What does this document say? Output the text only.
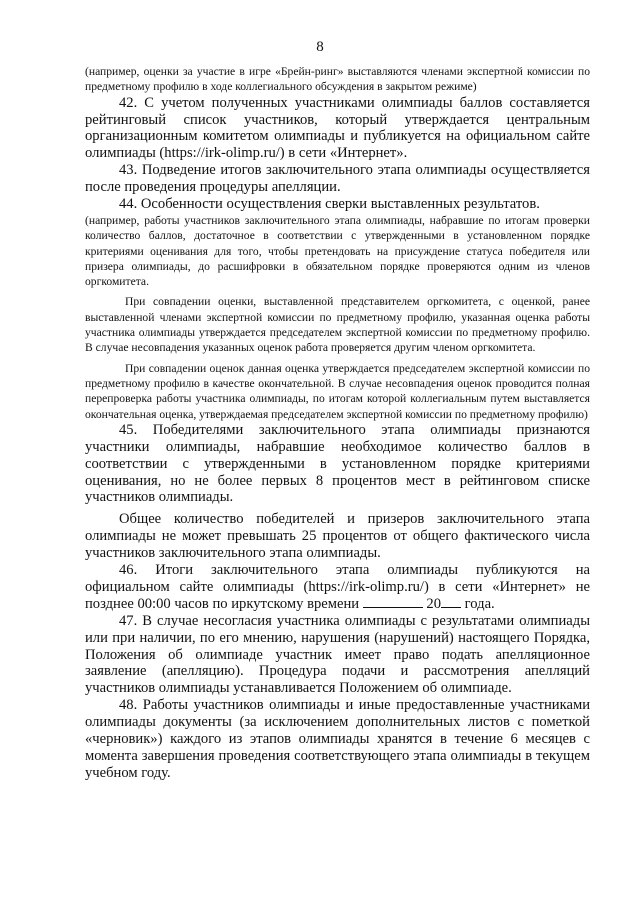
8

(например, оценки за участие в игре «Брейн-ринг» выставляются членами экспертной комиссии по предметному профилю в ходе коллегиального обсуждения в закрытом режиме)

42. С учетом полученных участниками олимпиады баллов составляется рейтинговый список участников, который утверждается центральным организационным комитетом олимпиады и публикуется на официальном сайте олимпиады (https://irk-olimp.ru/) в сети «Интернет».

43. Подведение итогов заключительного этапа олимпиады осуществляется после проведения процедуры апелляции.

44. Особенности осуществления сверки выставленных результатов.

(например, работы участников заключительного этапа олимпиады, набравшие по итогам проверки количество баллов, достаточное в соответствии с утвержденными в установленном порядке критериями оценивания для того, чтобы претендовать на присуждение статуса победителя или призера олимпиады, до расшифровки в обязательном порядке проверяются одним из членов оргкомитета.

При совпадении оценки, выставленной представителем оргкомитета, с оценкой, ранее выставленной членами экспертной комиссии по предметному профилю, указанная оценка работы участника олимпиады утверждается председателем экспертной комиссии по предметному профилю. В случае несовпадения указанных оценок работа проверяется другим членом оргкомитета.

При совпадении оценок данная оценка утверждается председателем экспертной комиссии по предметному профилю в качестве окончательной. В случае несовпадения оценок проводится полная перепроверка работы участника олимпиады, по итогам которой коллегиальным путем выставляется окончательная оценка, утверждаемая председателем экспертной комиссии по предметному профилю)

45. Победителями заключительного этапа олимпиады признаются участники олимпиады, набравшие необходимое количество баллов в соответствии с утвержденными в установленном порядке критериями оценивания, но не более первых 8 процентов мест в рейтинговом списке участников олимпиады.

Общее количество победителей и призеров заключительного этапа олимпиады не может превышать 25 процентов от общего фактического числа участников заключительного этапа олимпиады.

46. Итоги заключительного этапа олимпиады публикуются на официальном сайте олимпиады (https://irk-olimp.ru/) в сети «Интернет» не позднее 00:00 часов по иркутскому времени	20 года.

47. В случае несогласия участника олимпиады с результатами олимпиады или при наличии, по его мнению, нарушения (нарушений) настоящего Порядка, Положения об олимпиаде участник имеет право подать апелляционное заявление (апелляцию). Процедура подачи и рассмотрения апелляций участников олимпиады устанавливается Положением об олимпиаде.

48. Работы участников олимпиады и иные предоставленные участниками олимпиады документы (за исключением дополнительных листов с пометкой «черновик») каждого из этапов олимпиады хранятся в течение 6 месяцев с момента завершения проведения соответствующего этапа олимпиады в текущем учебном году.
